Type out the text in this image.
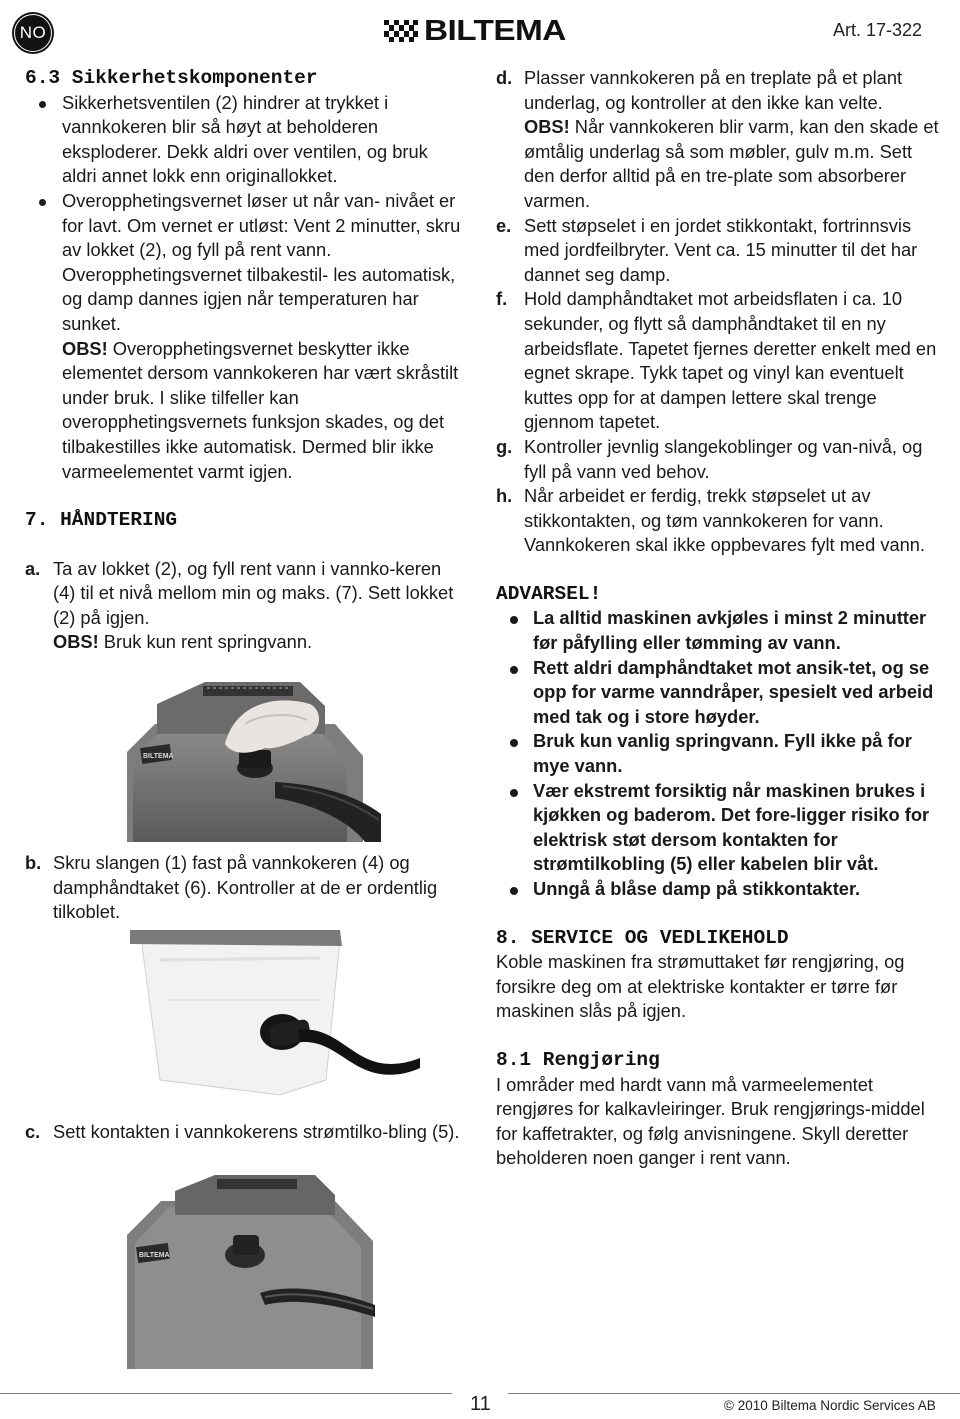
NO	BILTEMA	Art. 17-322
6.3 Sikkerhetskomponenter
Sikkerhetsventilen (2) hindrer at trykket i vannkokeren blir så høyt at beholderen eksploderer. Dekk aldri over ventilen, og bruk aldri annet lokk enn originallokket.
Overopphetingsvernet løser ut når van- nivået er for lavt. Om vernet er utløst: Vent 2 minutter, skru av lokket (2), og fyll på rent vann. Overopphetingsvernet tilbakestil- les automatisk, og damp dannes igjen når temperaturen har sunket.
OBS! Overopphetingsvernet beskytter ikke elementet dersom vannkokeren har vært skråstilt under bruk. I slike tilfeller kan overopphetingsvernets funksjon skades, og det tilbakestilles ikke automatisk. Dermed blir ikke varmeelementet varmt igjen.
7. HÅNDTERING
a. Ta av lokket (2), og fyll rent vann i vannko-keren (4) til et nivå mellom min og maks. (7). Sett lokket (2) på igjen.
OBS! Bruk kun rent springvann.
BILTEMA
b. Skru slangen (1) fast på vannkokeren (4) og damphåndtaket (6). Kontroller at de er ordentlig tilkoblet.
c. Sett kontakten i vannkokerens strømtilko-bling (5).
BILTEMA
d. Plasser vannkokeren på en treplate på et plant underlag, og kontroller at den ikke kan velte.
OBS! Når vannkokeren blir varm, kan den skade et ømtålig underlag så som møbler, gulv m.m. Sett den derfor alltid på en tre-plate som absorberer varmen.
e. Sett støpselet i en jordet stikkontakt, fortrinnsvis med jordfeilbryter. Vent ca. 15 minutter til det har dannet seg damp.
f. Hold damphåndtaket mot arbeidsflaten i ca. 10 sekunder, og flytt så damphåndtaket til en ny arbeidsflate. Tapetet fjernes deretter enkelt med en egnet skrape. Tykk tapet og vinyl kan eventuelt kuttes opp for at dampen lettere skal trenge gjennom tapetet.
g. Kontroller jevnlig slangekoblinger og van-nivå, og fyll på vann ved behov.
h. Når arbeidet er ferdig, trekk støpselet ut av stikkontakten, og tøm vannkokeren for vann. Vannkokeren skal ikke oppbevares fylt med vann.
ADVARSEL!
La alltid maskinen avkjøles i minst 2 minutter før påfylling eller tømming av vann.
Rett aldri damphåndtaket mot ansik-tet, og se opp for varme vanndråper, spesielt ved arbeid med tak og i store høyder.
Bruk kun vanlig springvann. Fyll ikke på for mye vann.
Vær ekstremt forsiktig når maskinen brukes i kjøkken og baderom. Det fore-ligger risiko for elektrisk støt dersom kontakten for strømtilkobling (5) eller kabelen blir våt.
Unngå å blåse damp på stikkontakter.
8. SERVICE OG VEDLIKEHOLD
Koble maskinen fra strømuttaket før rengjøring, og forsikre deg om at elektriske kontakter er tørre før maskinen slås på igjen.
8.1 Rengjøring
I områder med hardt vann må varmeelementet rengjøres for kalkavleiringer. Bruk rengjørings-middel for kaffetrakter, og følg anvisningene. Skyll deretter beholderen noen ganger i rent vann.
11	© 2010 Biltema Nordic Services AB
